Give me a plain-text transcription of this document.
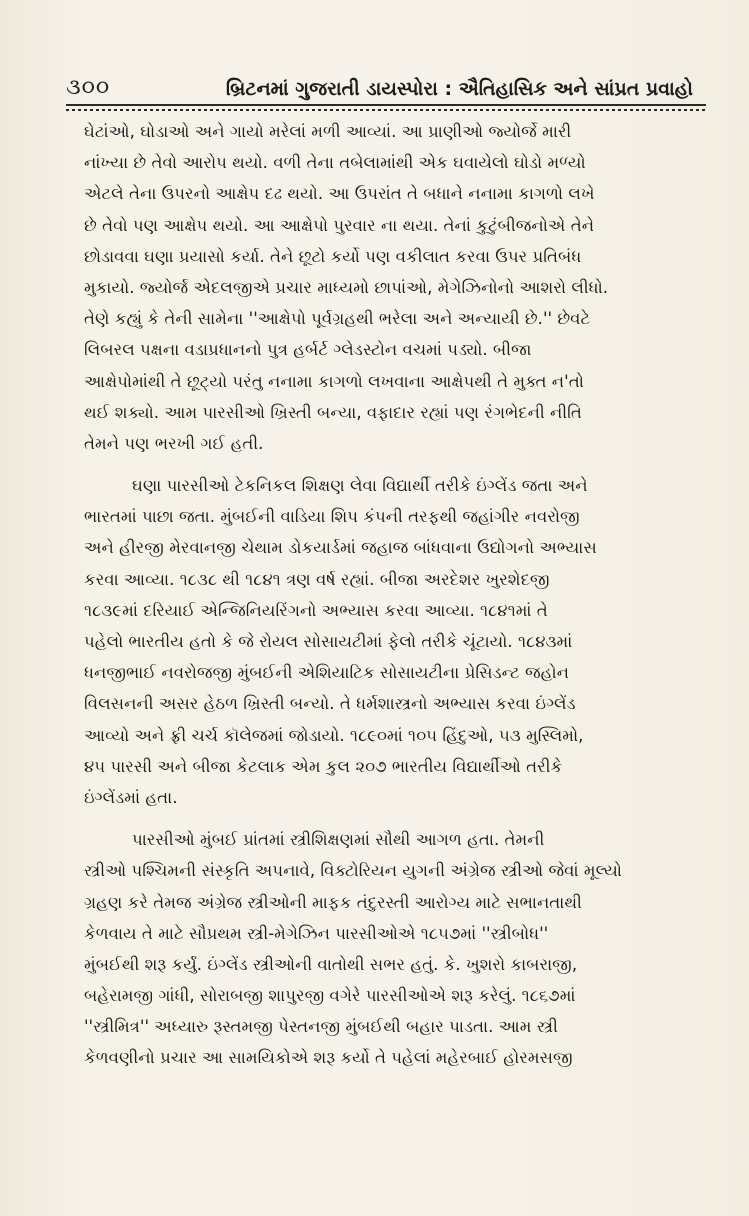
૩૦૦	બ્રિટનમાં ગુજરાતી ડાયસ્પોરા : ઐતિહાસિક અને સાંપ્રત પ્રવાહો
ઘેટાંઓ, ઘોડાઓ અને ગાયો મરેલાં મળી આવ્યાં. આ પ્રાણીઓ જ્યોર્જે મારી
નાંખ્યા છે તેવો આરોપ થયો. વળી તેના તબેલામાંથી એક ઘવાયેલો ઘોડો મળ્યો
એટલે તેના ઉપરનો આક્ષેપ દઢ થયો. આ ઉપરાંત તે બધાને નનામા કાગળો લખે
છે તેવો પણ આક્ષેપ થયો. આ આક્ષેપો પુરવાર ના થયા. તેનાં કુટુંબીજનોએ તેને
છોડાવવા ઘણા પ્રયાસો કર્યા. તેને છૂટો કર્યો પણ વકીલાત કરવા ઉપર પ્રતિબંધ
મુકાયો. જ્યોર્જ એદલજીએ પ્રચાર માધ્યમો છાપાંઓ, મેગેઝિનોનો આશરો લીધો.
તેણે કહ્યું કે તેની સામેના ''આક્ષેપો પૂર્વગ્રહથી ભરેલા અને અન્યાયી છે.'' છેવટે
લિબરલ પક્ષના વડાપ્રધાનનો પુત્ર હર્બર્ટ ગ્લેડસ્ટોન વચમાં પડ્યો. બીજા
આક્ષેપોમાંથી તે છૂટ્યો પરંતુ નનામા કાગળો લખવાના આક્ષેપથી તે મુક્ત ન'તો
થઈ શક્યો. આમ પારસીઓ ખ્રિસ્તી બન્યા, વફાદાર રહ્યાં પણ રંગભેદની નીતિ
તેમને પણ ભરખી ગઈ હતી.
ઘણા પારસીઓ ટેકનિકલ શિક્ષણ લેવા વિદ્યાર્થી તરીકે ઇંગ્લેંડ જતા અને
ભારતમાં પાછા જતા. મુંબઈની વાડિયા શિપ કંપની તરફથી જહાંગીર નવરોજી
અને હીરજી મેરવાનજી ચેથામ ડોકયાર્ડમાં જહાજ બાંધવાના ઉદ્યોગનો અભ્યાસ
કરવા આવ્યા. ૧૮૩૮ થી ૧૮૪૧ ત્રણ વર્ષ રહ્યાં. બીજા અરદેશર ખુરશેદજી
૧૮૩૯માં દરિયાઈ એન્જિનિયરિંગનો અભ્યાસ કરવા આવ્યા. ૧૮૪૧માં તે
પહેલો ભારતીય હતો કે જે રોયલ સોસાયટીમાં ફેલો તરીકે ચૂંટાયો. ૧૮૪૩માં
ધનજીભાઈ નવરોજજી મુંબઈની એશિયાટિક સોસાયટીના પ્રેસિડન્ટ જહોન
વિલસનની અસર હેઠળ ખ્રિસ્તી બન્યો. તે ધર્મશાસ્ત્રનો અભ્યાસ કરવા ઇંગ્લેંડ
આવ્યો અને ફ્રી ચર્ચ કૉલેજમાં જોડાયો. ૧૮૯૦માં ૧૦૫ હિંદુઓ, ૫૩ મુસ્લિમો,
૪૫ પારસી અને બીજા કેટલાક એમ કુલ ૨૦૭ ભારતીય વિદ્યાર્થીઓ તરીકે
ઇંગ્લેંડમાં હતા.
પારસીઓ મુંબઈ પ્રાંતમાં સ્ત્રીશિક્ષણમાં સૌથી આગળ હતા. તેમની
સ્ત્રીઓ પશ્ચિમની સંસ્કૃતિ અપનાવે, વિક્ટોરિયન યુગની અંગ્રેજ સ્ત્રીઓ જેવાં મૂલ્યો
ગ્રહણ કરે તેમજ અંગ્રેજ સ્ત્રીઓની માફક તંદુરસ્તી આરોગ્ય માટે સભાનતાથી
કેળવાય તે માટે સૌપ્રથમ સ્ત્રી-મેગેઝિન પારસીઓએ ૧૮૫૭માં ''સ્ત્રીબોધ''
મુંબઈથી શરૂ કર્યું. ઇંગ્લેંડ સ્ત્રીઓની વાતોથી સભર હતું. કે. ખુશરો કાબરાજી,
બહેરામજી ગાંધી, સોરાબજી શાપુરજી વગેરે પારસીઓએ શરૂ કરેલું. ૧૮૬૭માં
''સ્ત્રીમિત્ર'' અધ્યારુ રૂસ્તમજી પેસ્તનજી મુંબઈથી બહાર પાડતા. આમ સ્ત્રી
કેળવણીનો પ્રચાર આ સામયિકોએ શરૂ કર્યો તે પહેલાં મહેરબાઈ હોરમસજી
